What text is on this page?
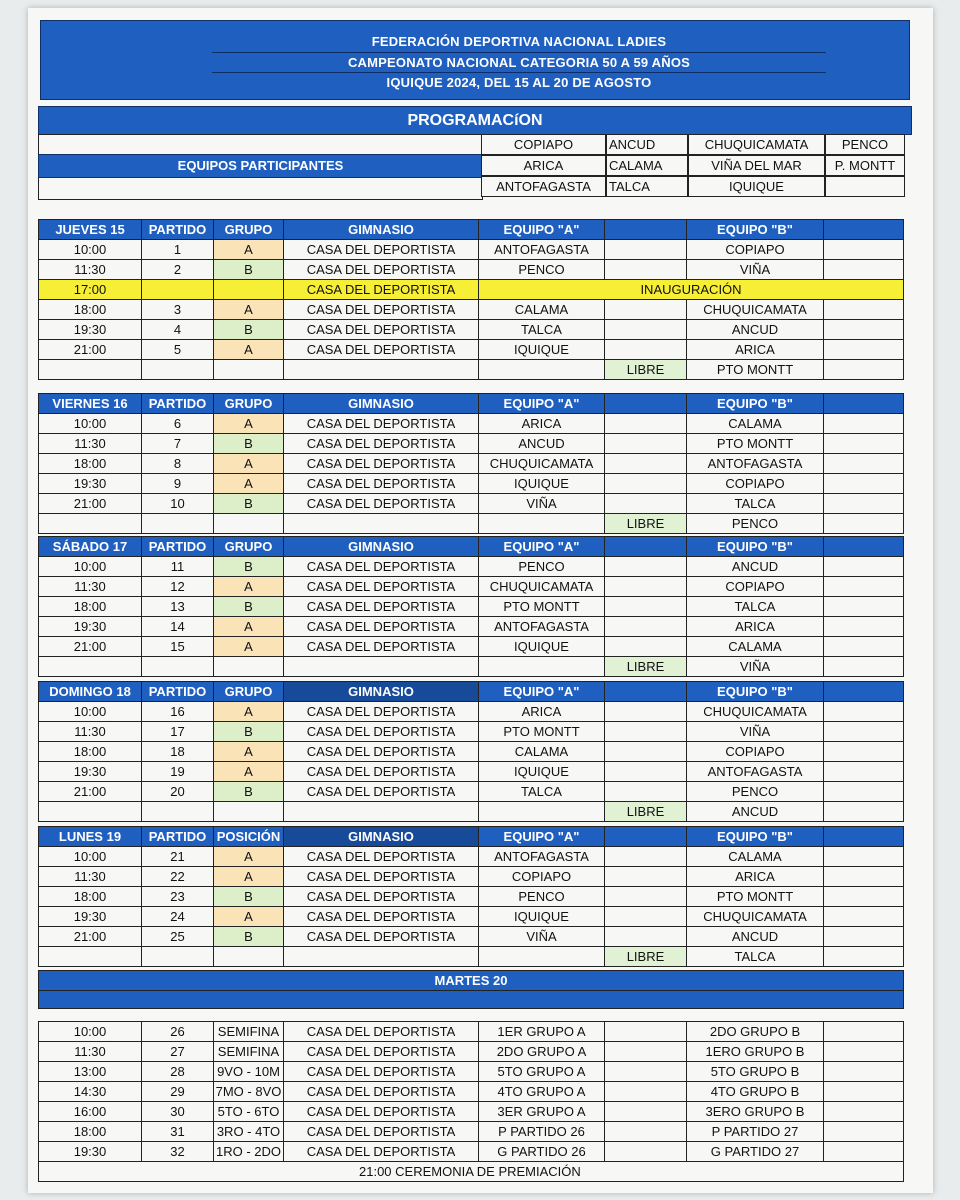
FEDERACIÓN DEPORTIVA NACIONAL LADIES
CAMPEONATO NACIONAL CATEGORIA 50 A 59 AÑOS
IQUIQUE 2024, DEL 15 AL 20 DE AGOSTO
PROGRAMACíON
EQUIPOS PARTICIPANTES
COPIAPO	ANCUD	CHUQUICAMATA	PENCO
ARICA	CALAMA	VIÑA DEL MAR	P. MONTT
ANTOFAGASTA	TALCA	IQUIQUE
JUEVES 15	PARTIDO	GRUPO	GIMNASIO	EQUIPO "A"		EQUIPO "B"	
10:00	1	A	CASA DEL DEPORTISTA	ANTOFAGASTA		COPIAPO	
11:30	2	B	CASA DEL DEPORTISTA	PENCO		VIÑA	
17:00			CASA DEL DEPORTISTA	INAUGURACIÓN			
18:00	3	A	CASA DEL DEPORTISTA	CALAMA		CHUQUICAMATA	
19:30	4	B	CASA DEL DEPORTISTA	TALCA		ANCUD	
21:00	5	A	CASA DEL DEPORTISTA	IQUIQUE		ARICA	
					LIBRE	PTO MONTT	
VIERNES 16	PARTIDO	GRUPO	GIMNASIO	EQUIPO "A"		EQUIPO "B"	
10:00	6	A	CASA DEL DEPORTISTA	ARICA		CALAMA	
11:30	7	B	CASA DEL DEPORTISTA	ANCUD		PTO MONTT	
18:00	8	A	CASA DEL DEPORTISTA	CHUQUICAMATA		ANTOFAGASTA	
19:30	9	A	CASA DEL DEPORTISTA	IQUIQUE		COPIAPO	
21:00	10	B	CASA DEL DEPORTISTA	VIÑA		TALCA	
					LIBRE	PENCO	
SÁBADO 17	PARTIDO	GRUPO	GIMNASIO	EQUIPO "A"		EQUIPO "B"	
10:00	11	B	CASA DEL DEPORTISTA	PENCO		ANCUD	
11:30	12	A	CASA DEL DEPORTISTA	CHUQUICAMATA		COPIAPO	
18:00	13	B	CASA DEL DEPORTISTA	PTO MONTT		TALCA	
19:30	14	A	CASA DEL DEPORTISTA	ANTOFAGASTA		ARICA	
21:00	15	A	CASA DEL DEPORTISTA	IQUIQUE		CALAMA	
					LIBRE	VIÑA	
DOMINGO 18	PARTIDO	GRUPO	GIMNASIO	EQUIPO "A"		EQUIPO "B"	
10:00	16	A	CASA DEL DEPORTISTA	ARICA		CHUQUICAMATA	
11:30	17	B	CASA DEL DEPORTISTA	PTO MONTT		VIÑA	
18:00	18	A	CASA DEL DEPORTISTA	CALAMA		COPIAPO	
19:30	19	A	CASA DEL DEPORTISTA	IQUIQUE		ANTOFAGASTA	
21:00	20	B	CASA DEL DEPORTISTA	TALCA		PENCO	
					LIBRE	ANCUD	
LUNES 19	PARTIDO	POSICIÓN	GIMNASIO	EQUIPO "A"		EQUIPO "B"	
10:00	21	A	CASA DEL DEPORTISTA	ANTOFAGASTA		CALAMA	
11:30	22	A	CASA DEL DEPORTISTA	COPIAPO		ARICA	
18:00	23	B	CASA DEL DEPORTISTA	PENCO		PTO MONTT	
19:30	24	A	CASA DEL DEPORTISTA	IQUIQUE		CHUQUICAMATA	
21:00	25	B	CASA DEL DEPORTISTA	VIÑA		ANCUD	
					LIBRE	TALCA	
MARTES 20							

10:00	26	SEMIFINA	CASA DEL DEPORTISTA	1ER GRUPO A		2DO GRUPO B	
11:30	27	SEMIFINA	CASA DEL DEPORTISTA	2DO GRUPO A		1ERO GRUPO B	
13:00	28	9VO - 10M	CASA DEL DEPORTISTA	5TO GRUPO A		5TO GRUPO B	
14:30	29	7MO - 8VO	CASA DEL DEPORTISTA	4TO GRUPO A		4TO GRUPO B	
16:00	30	5TO - 6TO	CASA DEL DEPORTISTA	3ER GRUPO A		3ERO GRUPO B	
18:00	31	3RO - 4TO	CASA DEL DEPORTISTA	P PARTIDO 26		P PARTIDO 27	
19:30	32	1RO - 2DO	CASA DEL DEPORTISTA	G PARTIDO 26		G PARTIDO 27	
21:00 CEREMONIA DE PREMIACIÓN							
